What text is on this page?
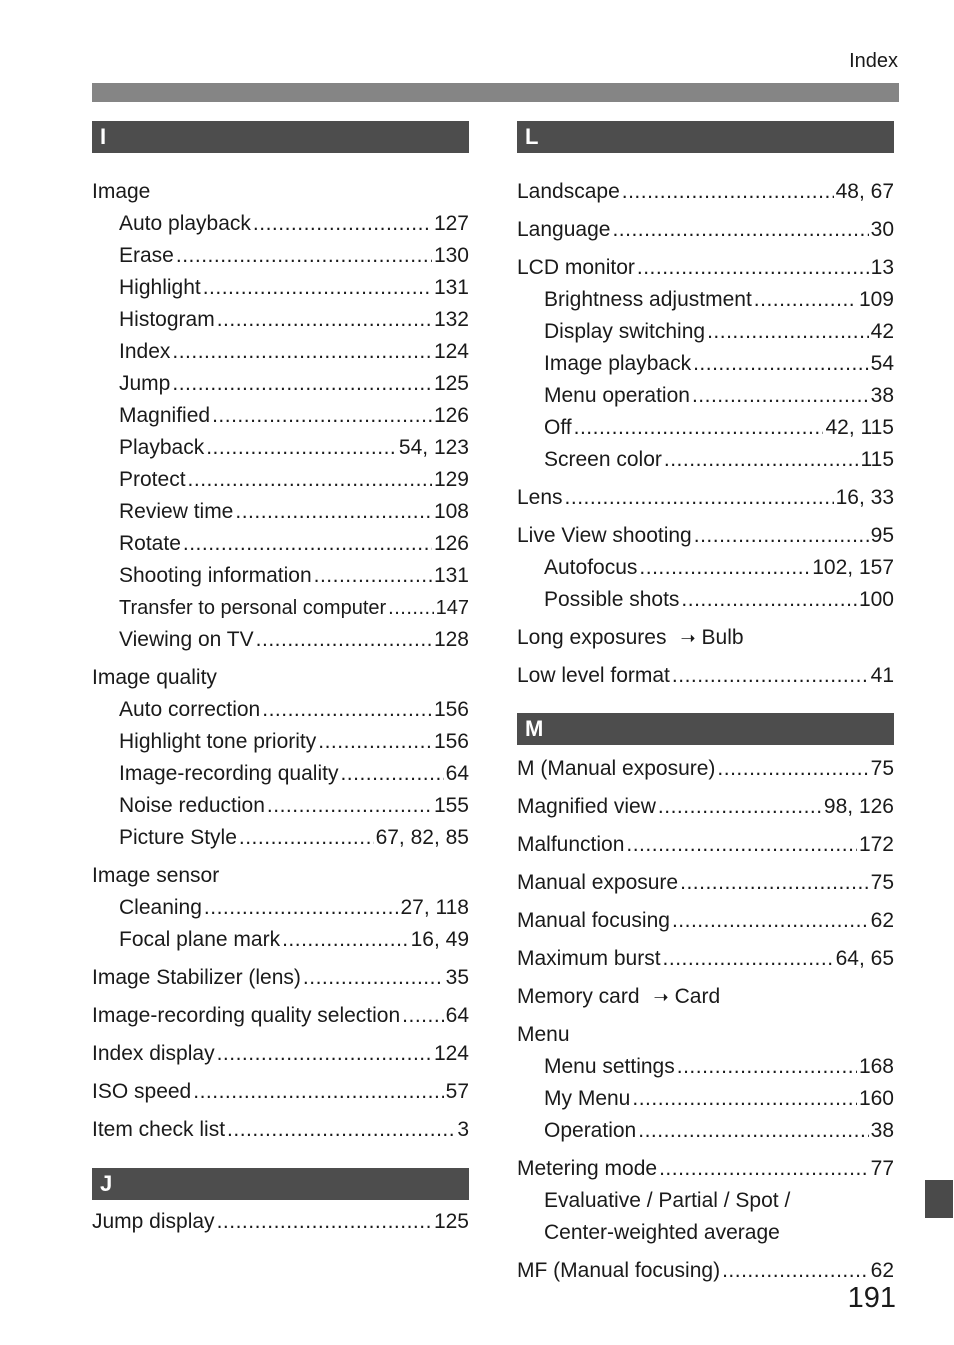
Index
I
Image
Auto playback .....	127
Erase .....	130
Highlight .....	131
Histogram .....	132
Index .....	124
Jump .....	125
Magnified .....	126
Playback .....	54, 123
Protect .....	129
Review time .....	108
Rotate .....	126
Shooting information .....	131
Transfer to personal computer ..... 147
Viewing on TV .....	128
Image quality
Auto correction .....	156
Highlight tone priority .....	156
Image-recording quality .....	64
Noise reduction .....	155
Picture Style .....	67, 82, 85
Image sensor
Cleaning .....	27, 118
Focal plane mark .....	16, 49
Image Stabilizer (lens) .....	35
Image-recording quality selection ..... 64
Index display .....	124
ISO speed .....	57
Item check list .....	3
J
Jump display .....	125
L
Landscape .....	48, 67
Language .....	30
LCD monitor .....	13
Brightness adjustment .....	109
Display switching .....	42
Image playback .....	54
Menu operation .....	38
Off .....	42, 115
Screen color .....	115
Lens .....	16, 33
Live View shooting .....	95
Autofocus .....	102, 157
Possible shots .....	100
Long exposures ➝ Bulb
Low level format .....	41
M
M (Manual exposure) .....	75
Magnified view .....	98, 126
Malfunction .....	172
Manual exposure .....	75
Manual focusing .....	62
Maximum burst .....	64, 65
Memory card ➝ Card
Menu
Menu settings .....	168
My Menu .....	160
Operation .....	38
Metering mode .....	77
Evaluative / Partial / Spot /
Center-weighted average
MF (Manual focusing) .....	62
191
